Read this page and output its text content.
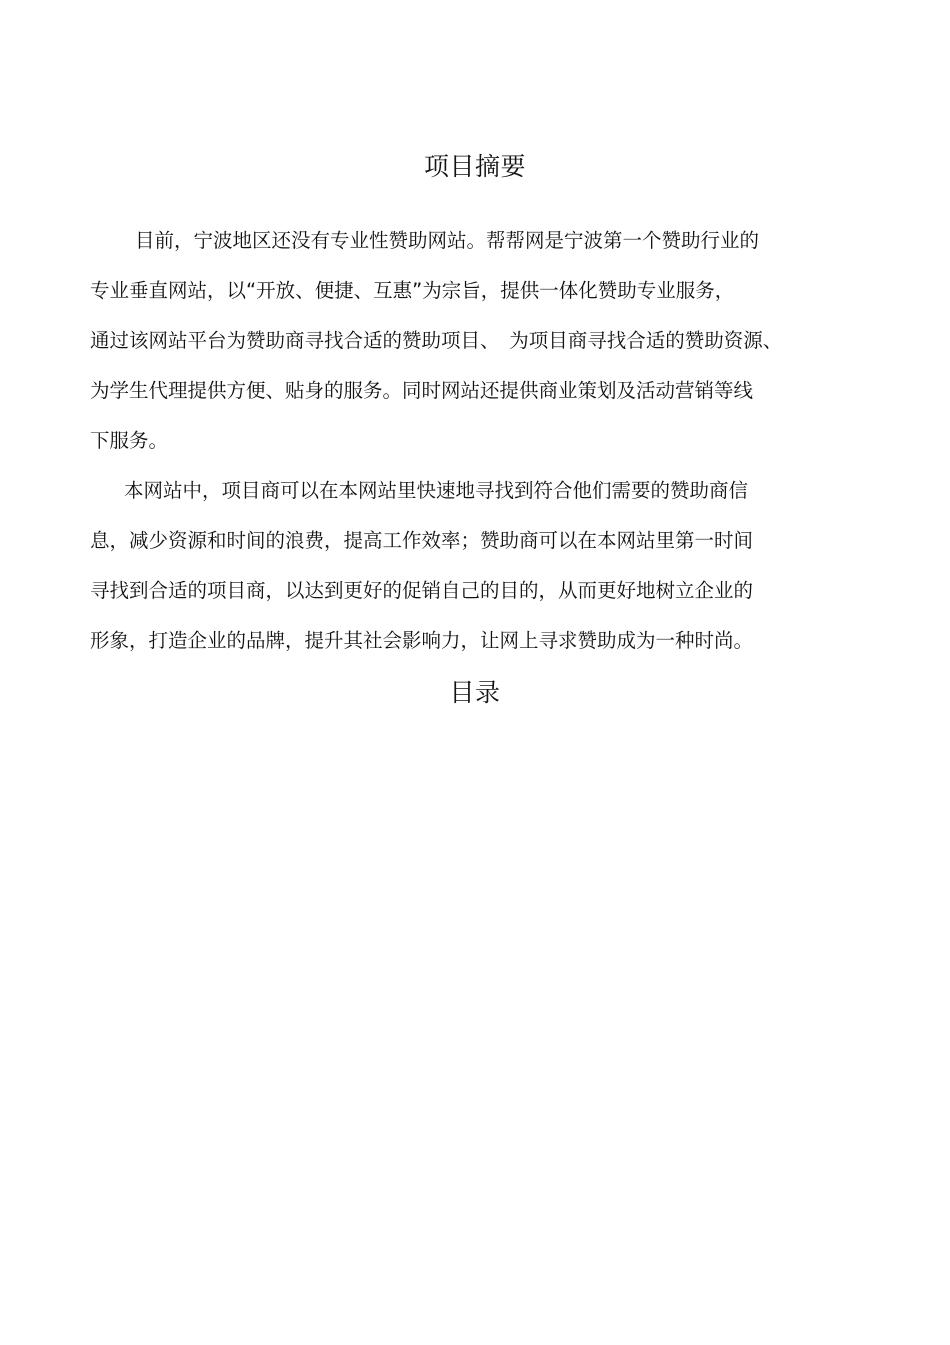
项目摘要
目前，宁波地区还没有专业性赞助网站。帮帮网是宁波第一个赞助行业的
专业垂直网站，以“开放、便捷、互惠”为宗旨，提供一体化赞助专业服务，
通过该网站平台为赞助商寻找合适的赞助项目、　为项目商寻找合适的赞助资源、
为学生代理提供方便、贴身的服务。同时网站还提供商业策划及活动营销等线
下服务。
本网站中，项目商可以在本网站里快速地寻找到符合他们需要的赞助商信
息，减少资源和时间的浪费，提高工作效率；赞助商可以在本网站里第一时间
寻找到合适的项目商，以达到更好的促销自己的目的，从而更好地树立企业的
形象，打造企业的品牌，提升其社会影响力，让网上寻求赞助成为一种时尚。
目录
